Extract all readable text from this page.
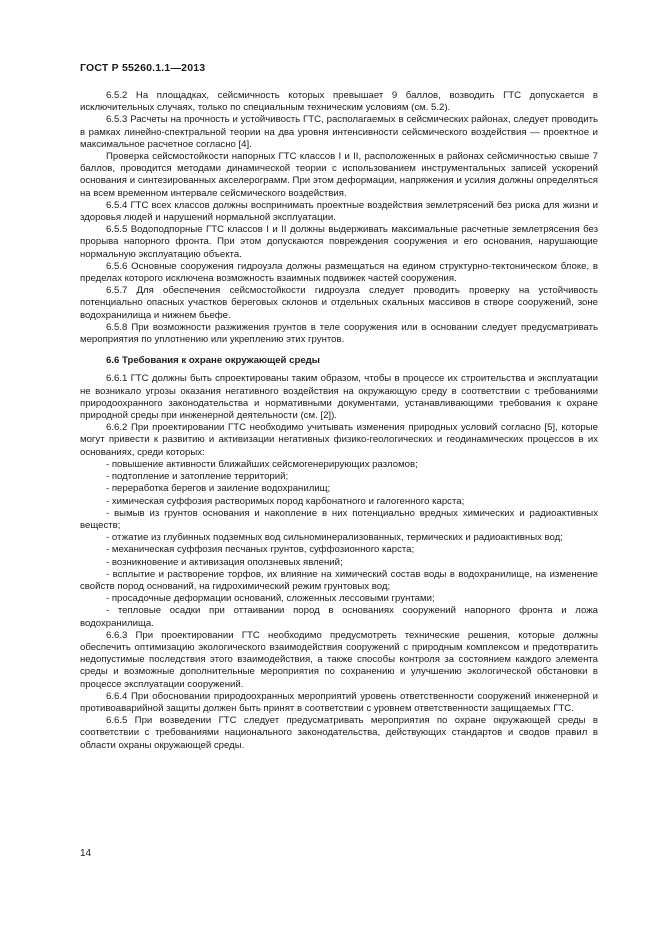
ГОСТ Р 55260.1.1—2013

6.5.2 На площадках, сейсмичность которых превышает 9 баллов, возводить ГТС допускается в исключительных случаях, только по специальным техническим условиям (см. 5.2).

6.5.3 Расчеты на прочность и устойчивость ГТС, располагаемых в сейсмических районах, следует проводить в рамках линейно-спектральной теории на два уровня интенсивности сейсмического воздействия — проектное и максимальное расчетное согласно [4].

Проверка сейсмостойкости напорных ГТС классов I и II, расположенных в районах сейсмичностью свыше 7 баллов, проводится методами динамической теории с использованием инструментальных записей ускорений основания и синтезированных акселерограмм. При этом деформации, напряжения и усилия должны определяться на всем временном интервале сейсмического воздействия.

6.5.4 ГТС всех классов должны воспринимать проектные воздействия землетрясений без риска для жизни и здоровья людей и нарушений нормальной эксплуатации.

6.5.5 Водоподпорные ГТС классов I и II должны выдерживать максимальные расчетные землетрясения без прорыва напорного фронта. При этом допускаются повреждения сооружения и его основания, нарушающие нормальную эксплуатацию объекта.

6.5.6 Основные сооружения гидроузла должны размещаться на едином структурно-тектоническом блоке, в пределах которого исключена возможность взаимных подвижек частей сооружения.

6.5.7 Для обеспечения сейсмостойкости гидроузла следует проводить проверку на устойчивость потенциально опасных участков береговых склонов и отдельных скальных массивов в створе сооружений, зоне водохранилища и нижнем бьефе.

6.5.8 При возможности разжижения грунтов в теле сооружения или в основании следует предусматривать мероприятия по уплотнению или укреплению этих грунтов.

6.6 Требования к охране окружающей среды

6.6.1 ГТС должны быть спроектированы таким образом, чтобы в процессе их строительства и эксплуатации не возникало угрозы оказания негативного воздействия на окружающую среду в соответствии с требованиями природоохранного законодательства и нормативными документами, устанавливающими требования к охране природной среды при инженерной деятельности (см. [2]).

6.6.2 При проектировании ГТС необходимо учитывать изменения природных условий согласно [5], которые могут привести к развитию и активизации негативных физико-геологических и геодинамических процессов в их основаниях, среди которых:

- повышение активности ближайших сейсмогенерирующих разломов;

- подтопление и затопление территорий;

- переработка берегов и заиление водохранилищ;

- химическая суффозия растворимых пород карбонатного и галогенного карста;

- вымыв из грунтов основания и накопление в них потенциально вредных химических и радиоактивных веществ;

- отжатие из глубинных подземных вод сильноминерализованных, термических и радиоактивных вод;

- механическая суффозия песчаных грунтов, суффозионного карста;

- возникновение и активизация оползневых явлений;

- всплытие и растворение торфов, их влияние на химический состав воды в водохранилище, на изменение свойств пород оснований, на гидрохимический режим грунтовых вод;

- просадочные деформации оснований, сложенных лессовыми грунтами;

- тепловые осадки при оттаивании пород в основаниях сооружений напорного фронта и ложа водохранилища.

6.6.3 При проектировании ГТС необходимо предусмотреть технические решения, которые должны обеспечить оптимизацию экологического взаимодействия сооружений с природным комплексом и предотвратить недопустимые последствия этого взаимодействия, а также способы контроля за состоянием каждого элемента среды и возможные дополнительные мероприятия по сохранению и улучшению экологической обстановки в процессе эксплуатации сооружений.

6.6.4 При обосновании природоохранных мероприятий уровень ответственности сооружений инженерной и противоаварийной защиты должен быть принят в соответствии с уровнем ответственности защищаемых ГТС.

6.6.5 При возведении ГТС следует предусматривать мероприятия по охране окружающей среды в соответствии с требованиями национального законодательства, действующих стандартов и сводов правил в области охраны окружающей среды.

14
